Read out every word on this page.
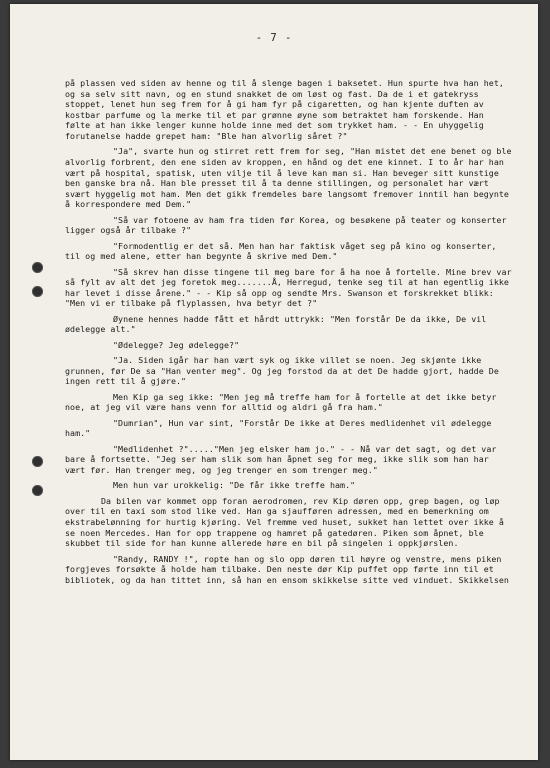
- 7 -

på plassen ved siden av henne og til å slenge bagen i baksetet. Hun spurte hva han het, og sa selv sitt navn, og en stund snakket de om løst og fast. Da de i et gatekryss stoppet, lenet hun seg frem for å gi ham fyr på cigaretten, og han kjente duften av kostbar parfume og la merke til et par grønne øyne som betraktet ham forskende. Han følte at han ikke lenger kunne holde inne med det som trykket ham. - - En uhyggelig forutanelse hadde grepet ham: "Ble han alvorlig såret ?"

"Ja", svarte hun og stirret rett frem for seg, "Han mistet det ene benet og ble alvorlig forbrent, den ene siden av kroppen, en hånd og det ene kinnet. I to år har han vært på hospital, spatisk, uten vilje til å leve kan man si. Han beveger sitt kunstige ben ganske bra nå. Han ble presset til å ta denne stillingen, og personalet har vært svært hyggelig mot ham. Men det gikk fremdeles bare langsomt fremover inntil han begynte å korrespondere med Dem."

"Så var fotoene av ham fra tiden før Korea, og besøkene på teater og konserter ligger også år tilbake ?"

"Formodentlig er det så. Men han har faktisk våget seg på kino og konserter, til og med alene, etter han begynte å skrive med Dem."

"Så skrev han disse tingene til meg bare for å ha noe å fortelle. Mine brev var så fylt av alt det jeg foretok meg.......Å, Herregud, tenke seg til at han egentlig ikke har levet i disse årene." - - Kip så opp og sendte Mrs. Swanson et forskrekket blikk: "Men vi er tilbake på flyplassen, hva betyr det ?"

Øynene hennes hadde fått et hårdt uttrykk: "Men forstår De da ikke, De vil ødelegge alt."

"Ødelegge? Jeg ødelegge?"

"Ja. Siden igår har han vært syk og ikke villet se noen. Jeg skjønte ikke grunnen, før De sa "Han venter meg". Og jeg forstod da at det De hadde gjort, hadde De ingen rett til å gjøre."

Men Kip ga seg ikke: "Men jeg må treffe ham for å fortelle at det ikke betyr noe, at jeg vil være hans venn for alltid og aldri gå fra ham."

"Dumrian", Hun var sint, "Forstår De ikke at Deres medlidenhet vil ødelegge ham."

"Medlidenhet ?"....."Men jeg elsker ham jo." - - Nå var det sagt, og det var bare å fortsette. "Jeg ser ham slik som han åpnet seg for meg, ikke slik som han har vært før. Han trenger meg, og jeg trenger en som trenger meg."

Men hun var urokkelig: "De får ikke treffe ham."

Da bilen var kommet opp foran aerodromen, rev Kip døren opp, grep bagen, og løp over til en taxi som stod like ved. Han ga sjaufføren adressen, med en bemerkning om ekstrabelønning for hurtig kjøring. Vel fremme ved huset, sukket han lettet over ikke å se noen Mercedes. Han for opp trappene og hamret på gatedøren. Piken som åpnet, ble skubbet til side for han kunne allerede høre en bil på singelen i oppkjørslen.

"Randy, RANDY !", ropte han og slo opp døren til høyre og venstre, mens piken forgjeves forsøkte å holde ham tilbake. Den neste dør Kip puffet opp førte inn til et bibliotek, og da han tittet inn, så han en ensom skikkelse sitte ved vinduet. Skikkelsen
